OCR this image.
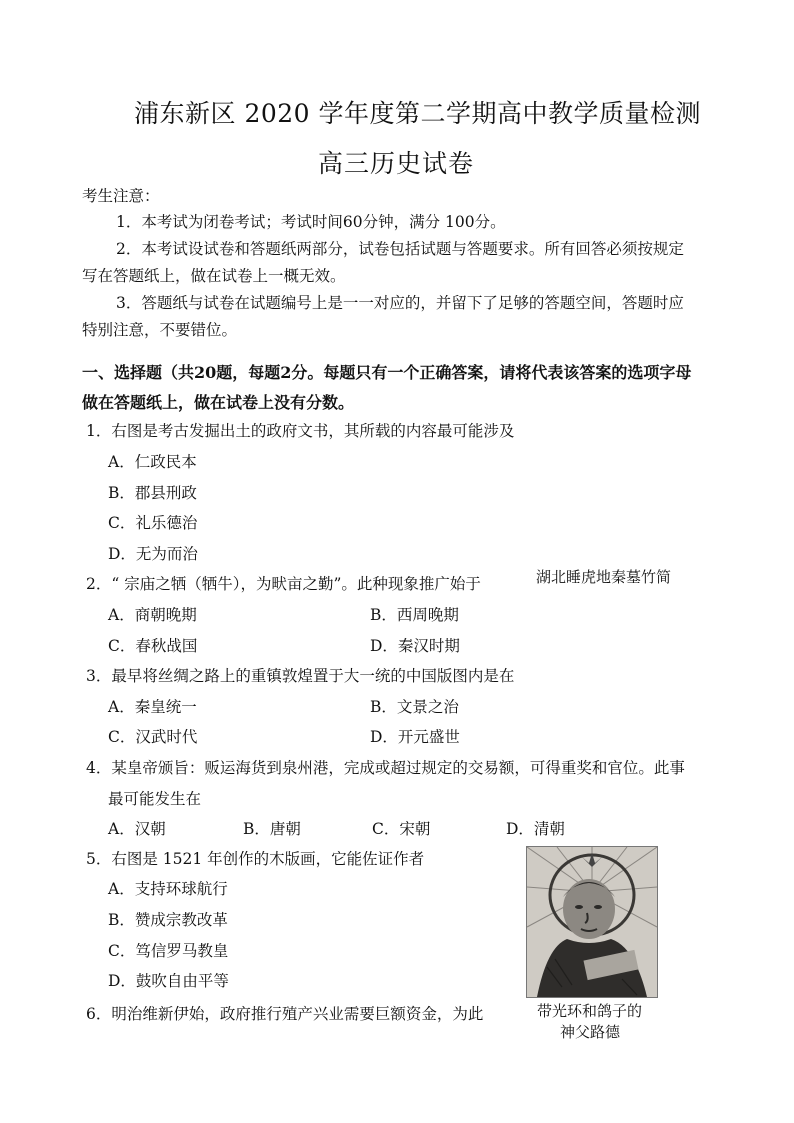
浦东新区 2020 学年度第二学期高中教学质量检测
高三历史试卷
考生注意：
1．本考试为闭卷考试；考试时间60分钟，满分 100分。
2．本考试设试卷和答题纸两部分，试卷包括试题与答题要求。所有回答必须按规定
写在答题纸上，做在试卷上一概无效。
3．答题纸与试卷在试题编号上是一一对应的，并留下了足够的答题空间，答题时应
特别注意，不要错位。
一、选择题（共20题，每题2分。每题只有一个正确答案，请将代表该答案的选项字母
做在答题纸上，做在试卷上没有分数。
1．右图是考古发掘出土的政府文书，其所载的内容最可能涉及
A．仁政民本
B．郡县刑政
C．礼乐德治
D．无为而治
湖北睡虎地秦墓竹简
2．“ 宗庙之牺（牺牛），为畎亩之勤”。此种现象推广始于
A．商朝晚期	B．西周晚期
C．春秋战国	D．秦汉时期
3．最早将丝绸之路上的重镇敦煌置于大一统的中国版图内是在
A．秦皇统一	B．文景之治
C．汉武时代	D．开元盛世
4．某皇帝颁旨：贩运海货到泉州港，完成或超过规定的交易额，可得重奖和官位。此事
最可能发生在
A．汉朝	B．唐朝	C．宋朝	D．清朝
5．右图是 1521 年创作的木版画，它能佐证作者
A．支持环球航行
B．赞成宗教改革
C．笃信罗马教皇
D．鼓吹自由平等
带光环和鸽子的
神父路德
6．明治维新伊始，政府推行殖产兴业需要巨额资金，为此
